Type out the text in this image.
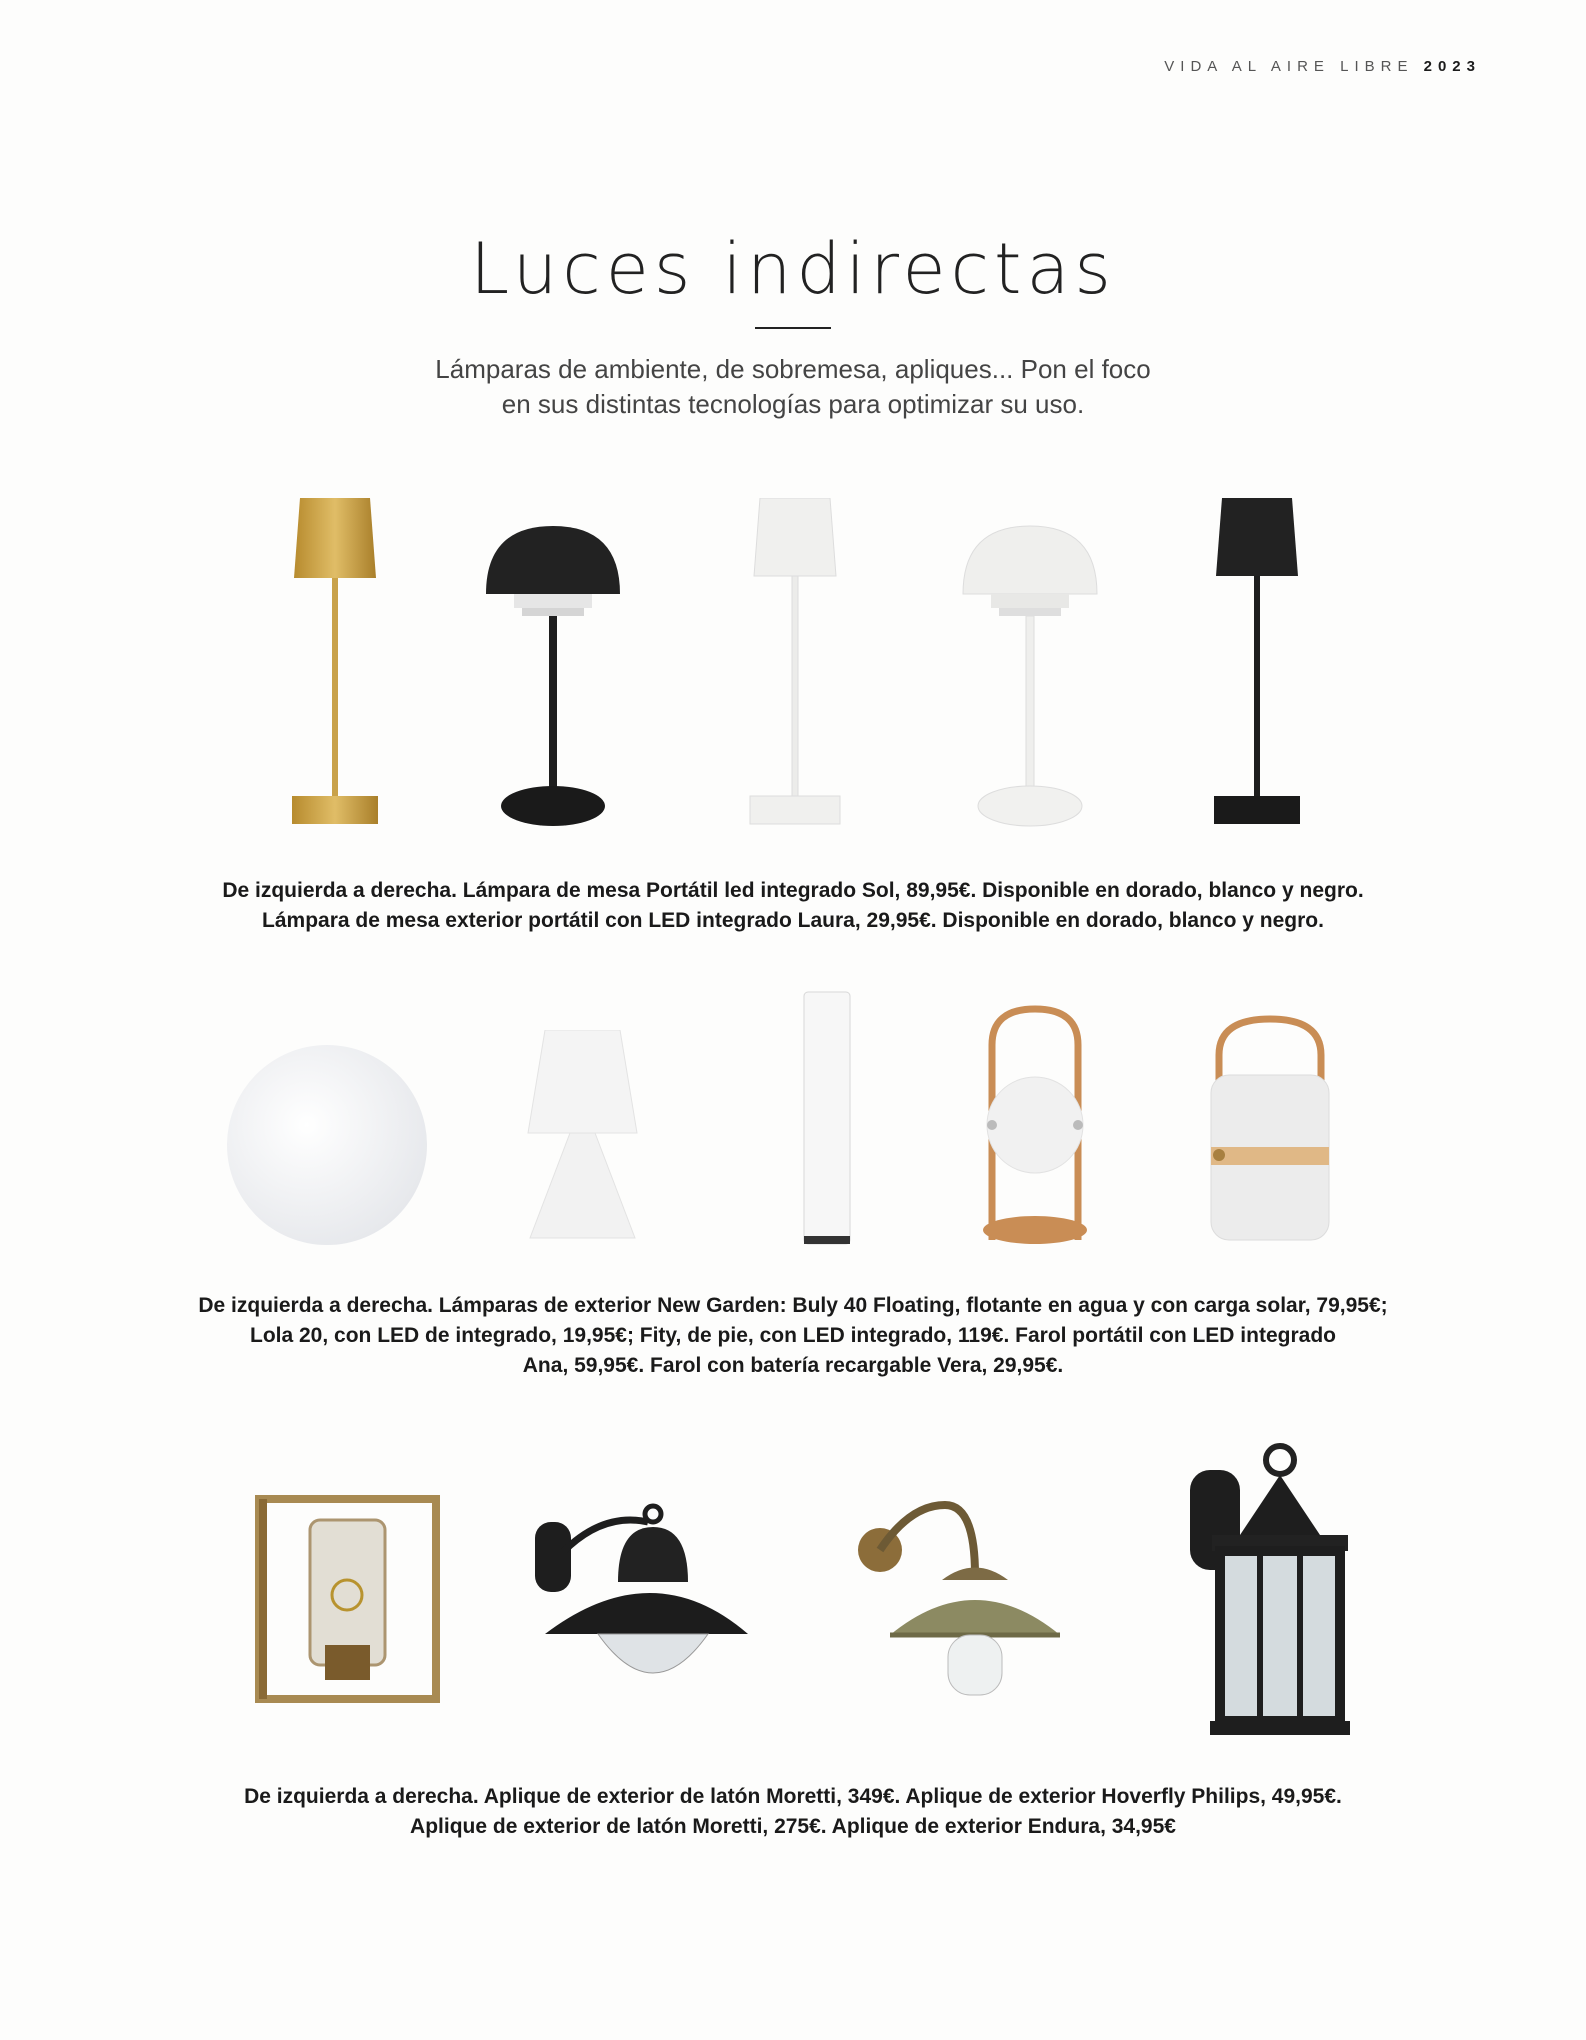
VIDA AL AIRE LIBRE 2023
Luces indirectas
Lámparas de ambiente, de sobremesa, apliques... Pon el foco
en sus distintas tecnologías para optimizar su uso.
De izquierda a derecha. Lámpara de mesa Portátil led integrado Sol, 89,95€. Disponible en dorado, blanco y negro.
Lámpara de mesa exterior portátil con LED integrado Laura, 29,95€. Disponible en dorado, blanco y negro.
De izquierda a derecha. Lámparas de exterior New Garden: Buly 40 Floating, flotante en agua y con carga solar, 79,95€;
Lola 20, con LED de integrado, 19,95€; Fity, de pie, con LED integrado, 119€. Farol portátil con LED integrado
Ana, 59,95€. Farol con batería recargable Vera, 29,95€.
De izquierda a derecha. Aplique de exterior de latón Moretti, 349€. Aplique de exterior Hoverfly Philips, 49,95€.
Aplique de exterior de latón Moretti, 275€. Aplique de exterior Endura, 34,95€
